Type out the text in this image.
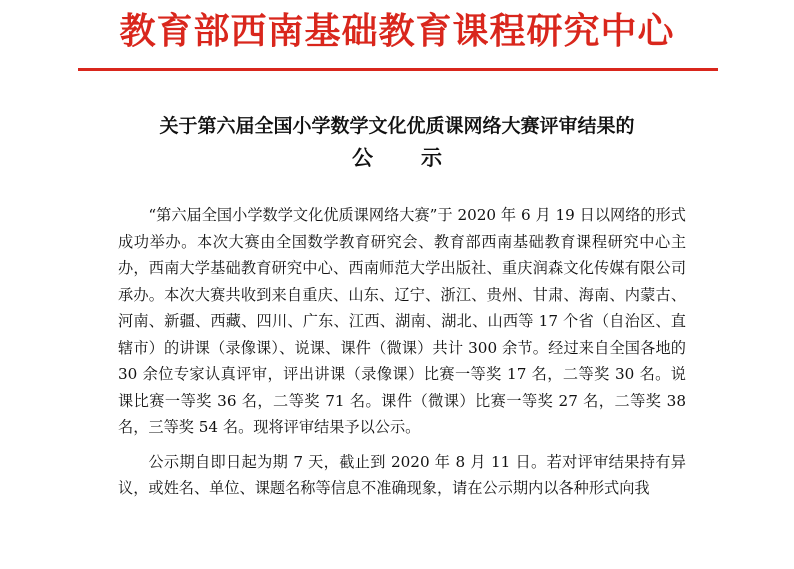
教育部西南基础教育课程研究中心
关于第六届全国小学数学文化优质课网络大赛评审结果的
公示

“第六届全国小学数学文化优质课网络大赛”于 2020 年 6 月 19 日以网络的形式成功举办。本次大赛由全国数学教育研究会、教育部西南基础教育课程研究中心主办，西南大学基础教育研究中心、西南师范大学出版社、重庆润森文化传媒有限公司承办。本次大赛共收到来自重庆、山东、辽宁、浙江、贵州、甘肃、海南、内蒙古、河南、新疆、西藏、四川、广东、江西、湖南、湖北、山西等 17 个省（自治区、直辖市）的讲课（录像课）、说课、课件（微课）共计 300 余节。经过来自全国各地的 30 余位专家认真评审，评出讲课（录像课）比赛一等奖 17 名，二等奖 30 名。说课比赛一等奖 36 名，二等奖 71 名。课件（微课）比赛一等奖 27 名，二等奖 38 名，三等奖 54 名。现将评审结果予以公示。

公示期自即日起为期 7 天，截止到 2020 年 8 月 11 日。若对评审结果持有异议，或姓名、单位、课题名称等信息不准确现象，请在公示期内以各种形式向我
